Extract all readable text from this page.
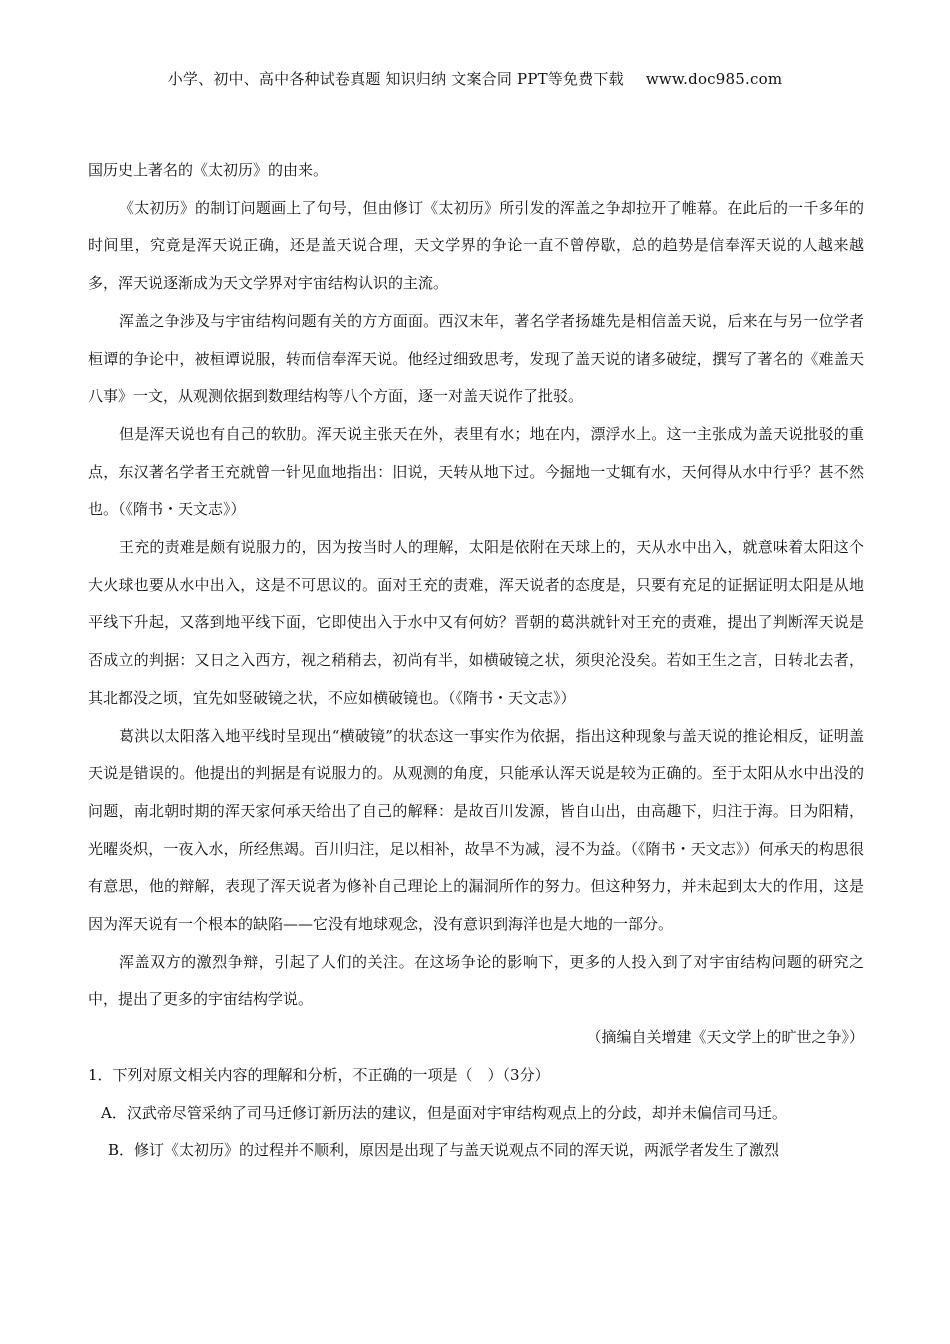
小学、初中、高中各种试卷真题 知识归纳 文案合同 PPT等免费下载 www.doc985.com

国历史上著名的《太初历》的由来。

《太初历》的制订问题画上了句号，但由修订《太初历》所引发的浑盖之争却拉开了帷幕。在此后的一千多年的时间里，究竟是浑天说正确，还是盖天说合理，天文学界的争论一直不曾停歇，总的趋势是信奉浑天说的人越来越多，浑天说逐渐成为天文学界对宇宙结构认识的主流。

浑盖之争涉及与宇宙结构问题有关的方方面面。西汉末年，著名学者扬雄先是相信盖天说，后来在与另一位学者桓谭的争论中，被桓谭说服，转而信奉浑天说。他经过细致思考，发现了盖天说的诸多破绽，撰写了著名的《难盖天八事》一文，从观测依据到数理结构等八个方面，逐一对盖天说作了批驳。

但是浑天说也有自己的软肋。浑天说主张天在外，表里有水；地在内，漂浮水上。这一主张成为盖天说批驳的重点，东汉著名学者王充就曾一针见血地指出：旧说，天转从地下过。今掘地一丈辄有水，天何得从水中行乎？甚不然也。（《隋书・天文志》）

王充的责难是颇有说服力的，因为按当时人的理解，太阳是依附在天球上的，天从水中出入，就意味着太阳这个大火球也要从水中出入，这是不可思议的。面对王充的责难，浑天说者的态度是，只要有充足的证据证明太阳是从地平线下升起，又落到地平线下面，它即使出入于水中又有何妨？晋朝的葛洪就针对王充的责难，提出了判断浑天说是否成立的判据：又日之入西方，视之稍稍去，初尚有半，如横破镜之状，须臾沦没矣。若如王生之言，日转北去者，其北都没之顷，宜先如竖破镜之状，不应如横破镜也。（《隋书・天文志》）

葛洪以太阳落入地平线时呈现出“横破镜”的状态这一事实作为依据，指出这种现象与盖天说的推论相反，证明盖天说是错误的。他提出的判据是有说服力的。从观测的角度，只能承认浑天说是较为正确的。至于太阳从水中出没的问题，南北朝时期的浑天家何承天给出了自己的解释：是故百川发源，皆自山出，由高趣下，归注于海。日为阳精，光曜炎炽，一夜入水，所经焦竭。百川归注，足以相补，故旱不为减，浸不为益。（《隋书・天文志》）何承天的构思很有意思，他的辩解，表现了浑天说者为修补自己理论上的漏洞所作的努力。但这种努力，并未起到太大的作用，这是因为浑天说有一个根本的缺陷——它没有地球观念，没有意识到海洋也是大地的一部分。

浑盖双方的激烈争辩，引起了人们的关注。在这场争论的影响下，更多的人投入到了对宇宙结构问题的研究之中，提出了更多的宇宙结构学说。

（摘编自关增建《天文学上的旷世之争》）

1．下列对原文相关内容的理解和分析，不正确的一项是（　）（3分）

A．汉武帝尽管采纳了司马迁修订新历法的建议，但是面对宇审结构观点上的分歧，却并未偏信司马迁。

B．修订《太初历》的过程并不顺利，原因是出现了与盖天说观点不同的浑天说，两派学者发生了激烈
